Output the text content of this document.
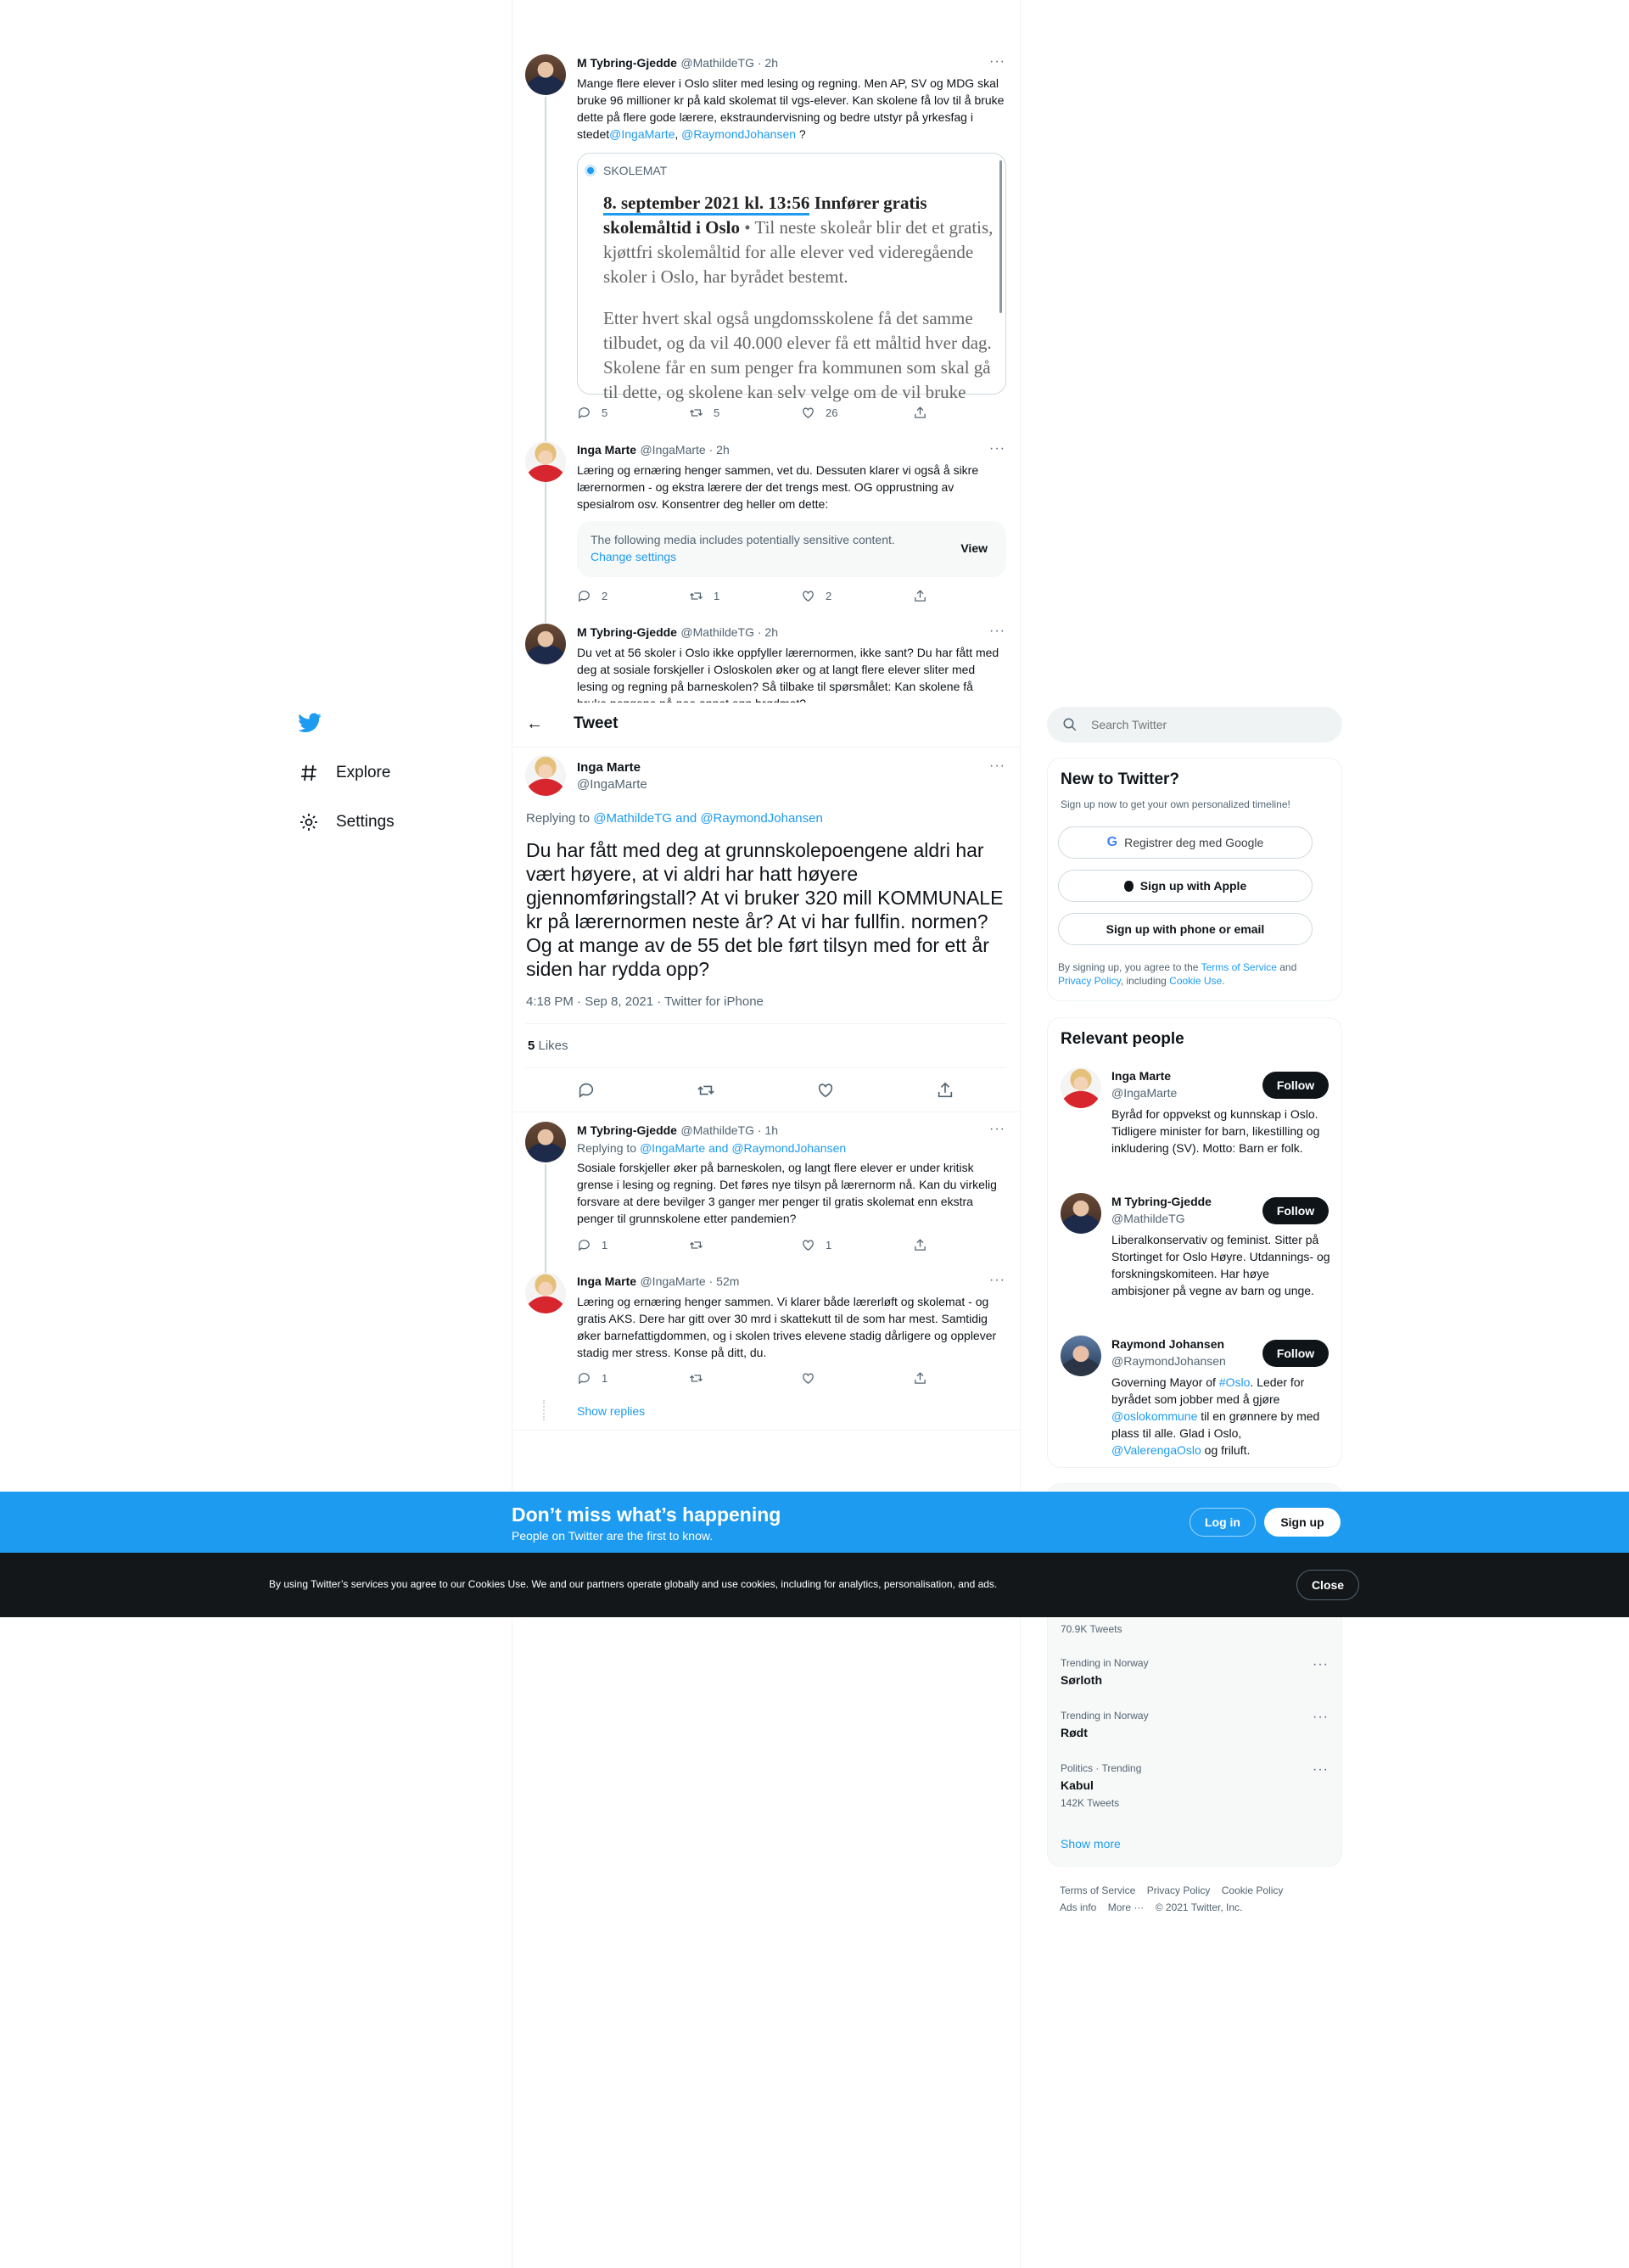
M Tybring-Gjedde @MathildeTG · 2h	···
Mange flere elever i Oslo sliter med lesing og regning. Men AP, SV og MDG skal bruke 96 millioner kr på kald skolemat til vgs-elever. Kan skolene få lov til å bruke dette på flere gode lærere, ekstraundervisning og bedre utstyr på yrkesfag i stedet@IngaMarte, @RaymondJohansen ?
SKOLEMAT
8. september 2021 kl. 13:56 Innfører gratis skolemåltid i Oslo • Til neste skoleår blir det et gratis, kjøttfri skolemåltid for alle elever ved videregående skoler i Oslo, har byrådet bestemt.
Etter hvert skal også ungdomsskolene få det samme tilbudet, og da vil 40.000 elever få ett måltid hver dag. Skolene får en sum penger fra kommunen som skal gå til dette, og skolene kan selv velge om de vil bruke
5	5	26
Inga Marte @IngaMarte · 2h	···
Læring og ernæring henger sammen, vet du. Dessuten klarer vi også å sikre lærernormen - og ekstra lærere der det trengs mest. OG opprustning av spesialrom osv. Konsentrer deg heller om dette:
The following media includes potentially sensitive content.
Change settings
View
2	1	2
M Tybring-Gjedde @MathildeTG · 2h	···
Du vet at 56 skoler i Oslo ikke oppfyller lærernormen, ikke sant? Du har fått med deg at sosiale forskjeller i Osloskolen øker og at langt flere elever sliter med lesing og regning på barneskolen? Så tilbake til spørsmålet: Kan skolene få
← Tweet
Explore
Settings
Inga Marte
@IngaMarte
···
Replying to @MathildeTG and @RaymondJohansen
Du har fått med deg at grunnskolepoengene aldri har vært høyere, at vi aldri har hatt høyere gjennomføringstall? At vi bruker 320 mill KOMMUNALE kr på lærernormen neste år? At vi har fullfin. normen? Og at mange av de 55 det ble ført tilsyn med for ett år siden har rydda opp?
4:18 PM · Sep 8, 2021 · Twitter for iPhone
5 Likes
M Tybring-Gjedde @MathildeTG · 1h	···
Replying to @IngaMarte and @RaymondJohansen
Sosiale forskjeller øker på barneskolen, og langt flere elever er under kritisk grense i lesing og regning. Det føres nye tilsyn på lærernorm nå. Kan du virkelig forsvare at dere bevilger 3 ganger mer penger til gratis skolemat enn ekstra penger til grunnskolene etter pandemien?
1	1
Inga Marte @IngaMarte · 52m	···
Læring og ernæring henger sammen. Vi klarer både lærerløft og skolemat - og gratis AKS. Dere har gitt over 30 mrd i skattekutt til de som har mest. Samtidig øker barnefattigdommen, og i skolen trives elevene stadig dårligere og opplever stadig mer stress. Konse på ditt, du.
1
Show replies
Search Twitter
New to Twitter?
Sign up now to get your own personalized timeline!
G Registrer deg med Google
Sign up with Apple
Sign up with phone or email
By signing up, you agree to the Terms of Service and Privacy Policy, including Cookie Use.
Relevant people
Inga Marte
@IngaMarte
Follow
Byråd for oppvekst og kunnskap i Oslo. Tidligere minister for barn, likestilling og inkludering (SV). Motto: Barn er folk.
M Tybring-Gjedde
@MathildeTG
Follow
Liberalkonservativ og feminist. Sitter på Stortinget for Oslo Høyre. Utdannings- og forskningskomiteen. Har høye ambisjoner på vegne av barn og unge.
Raymond Johansen
@RaymondJohansen
Follow
Governing Mayor of #Oslo. Leder for byrådet som jobber med å gjøre @oslokommune til en grønnere by med plass til alle. Glad i Oslo, @ValerengaOslo og friluft.
70.9K Tweets
Trending in Norway
Sørloth
···
Trending in Norway
Rødt
···
Politics · Trending
Kabul
142K Tweets
···
Show more
Terms of Service Privacy Policy Cookie Policy
Ads info More ··· © 2021 Twitter, Inc.
Don’t miss what’s happening
People on Twitter are the first to know.
Log in	Sign up
By using Twitter’s services you agree to our Cookies Use. We and our partners operate globally and use cookies, including for analytics, personalisation, and ads.	Close
